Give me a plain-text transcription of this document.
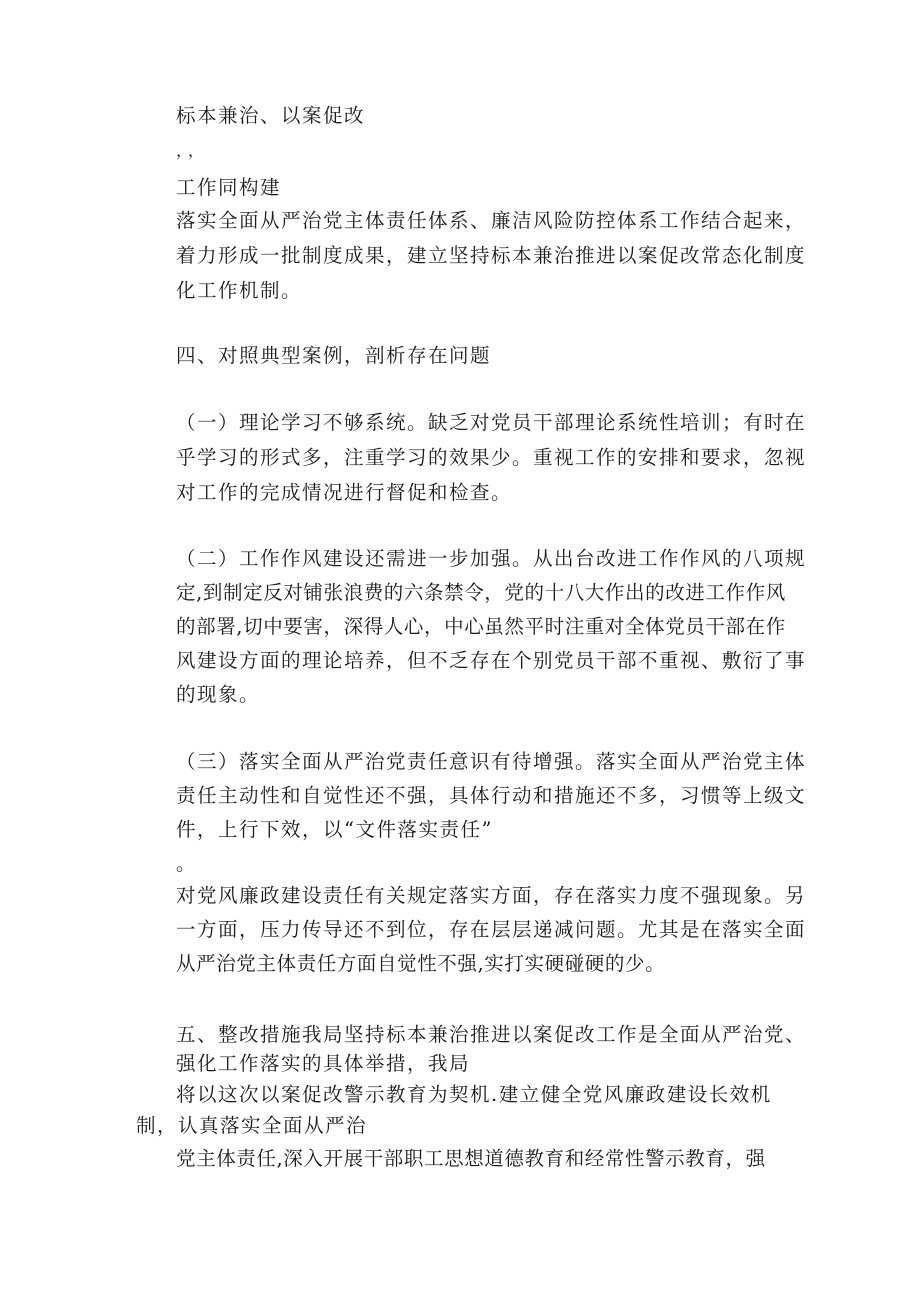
标本兼治、以案促改
，，
工作同构建
落实全面从严治党主体责任体系、廉洁风险防控体系工作结合起来，
着力形成一批制度成果，建立坚持标本兼治推进以案促改常态化制度
化工作机制。
四、对照典型案例，剖析存在问题
（一）理论学习不够系统。缺乏对党员干部理论系统性培训；有时在
乎学习的形式多，注重学习的效果少。重视工作的安排和要求，忽视
对工作的完成情况进行督促和检查。
（二）工作作风建设还需进一步加强。从出台改进工作作风的八项规
定,到制定反对铺张浪费的六条禁令，党的十八大作出的改进工作作风
的部署,切中要害，深得人心，中心虽然平时注重对全体党员干部在作
风建设方面的理论培养，但不乏存在个别党员干部不重视、敷衍了事
的现象。
（三）落实全面从严治党责任意识有待增强。落实全面从严治党主体
责任主动性和自觉性还不强，具体行动和措施还不多，习惯等上级文
件，上行下效，以“文件落实责任”
。
对党风廉政建设责任有关规定落实方面，存在落实力度不强现象。另
一方面，压力传导还不到位，存在层层递减问题。尤其是在落实全面
从严治党主体责任方面自觉性不强,实打实硬碰硬的少。
五、整改措施我局坚持标本兼治推进以案促改工作是全面从严治党、
强化工作落实的具体举措，我局
将以这次以案促改警示教育为契机.建立健全党风廉政建设长效机
制，认真落实全面从严治
党主体责任,深入开展干部职工思想道德教育和经常性警示教育，强
